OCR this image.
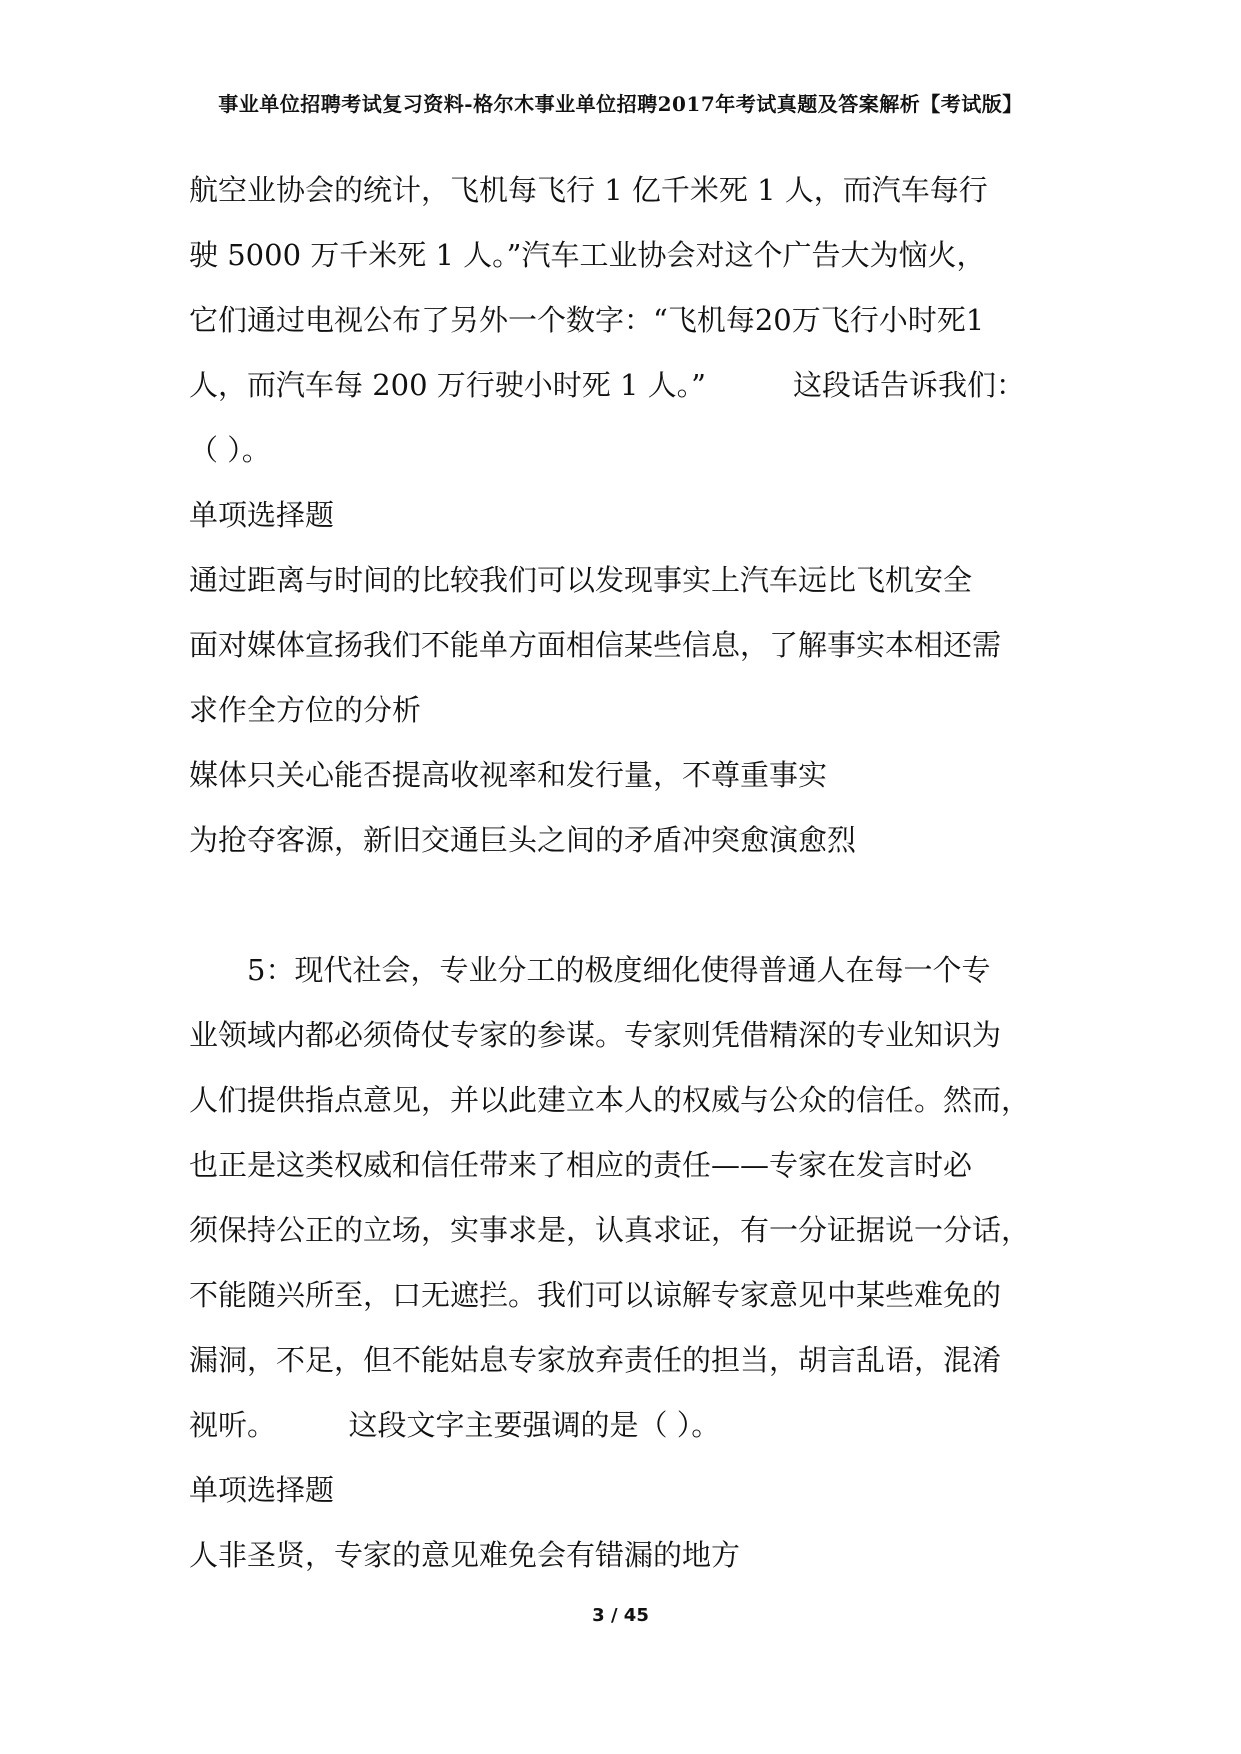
事业单位招聘考试复习资料-格尔木事业单位招聘2017年考试真题及答案解析【考试版】
航空业协会的统计，飞机每飞行 1 亿千米死 1 人，而汽车每行
驶 5000 万千米死 1 人。”汽车工业协会对这个广告大为恼火，
它们通过电视公布了另外一个数字：“飞机每20万飞行小时死1
人，而汽车每 200 万行驶小时死 1 人。”　　　这段话告诉我们：
（ ）。
单项选择题
通过距离与时间的比较我们可以发现事实上汽车远比飞机安全
面对媒体宣扬我们不能单方面相信某些信息，了解事实本相还需
求作全方位的分析
媒体只关心能否提高收视率和发行量，不尊重事实
为抢夺客源，新旧交通巨头之间的矛盾冲突愈演愈烈
5：现代社会，专业分工的极度细化使得普通人在每一个专
业领域内都必须倚仗专家的参谋。专家则凭借精深的专业知识为
人们提供指点意见，并以此建立本人的权威与公众的信任。然而，
也正是这类权威和信任带来了相应的责任——专家在发言时必
须保持公正的立场，实事求是，认真求证，有一分证据说一分话，
不能随兴所至，口无遮拦。我们可以谅解专家意见中某些难免的
漏洞，不足，但不能姑息专家放弃责任的担当，胡言乱语，混淆
视听。　　　这段文字主要强调的是（ ）。
单项选择题
人非圣贤，专家的意见难免会有错漏的地方
3 / 45
